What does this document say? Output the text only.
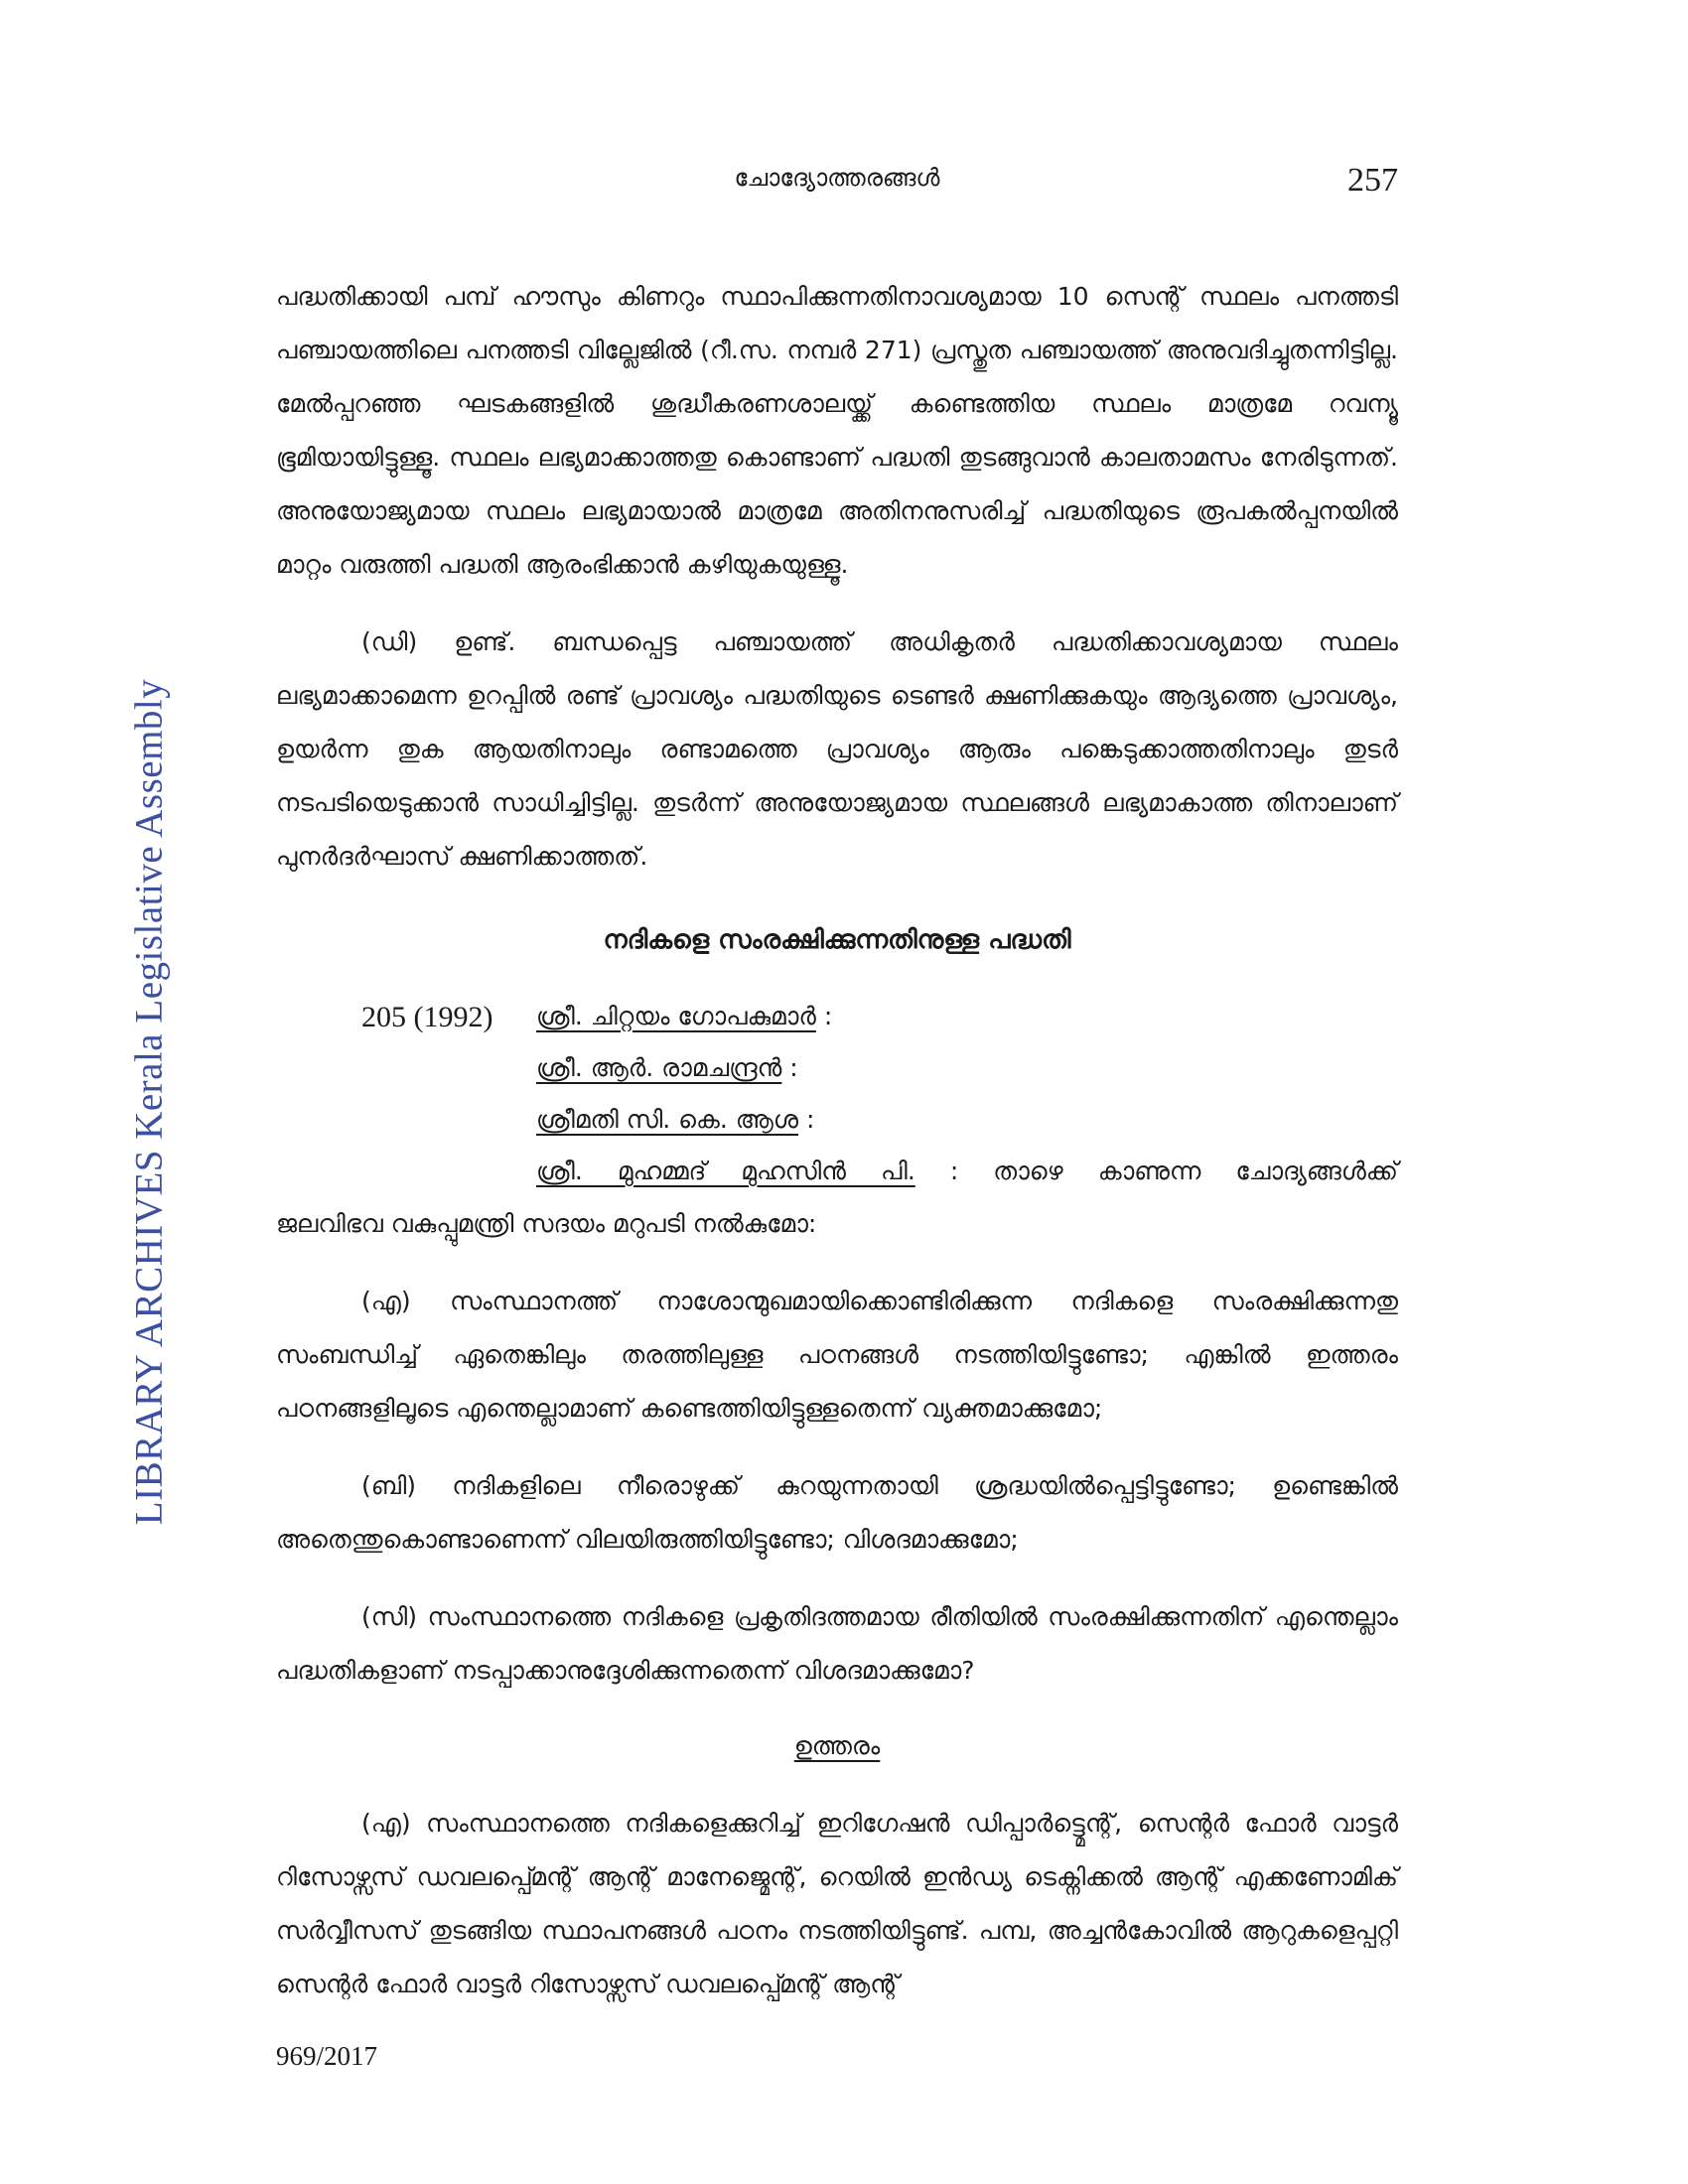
LIBRARY ARCHIVES Kerala Legislative Assembly
ചോദ്യോത്തരങ്ങൾ	257

പദ്ധതിക്കായി പമ്പ് ഹൗസും കിണറും സ്ഥാപിക്കുന്നതിനാവശ്യമായ 10 സെന്റ് സ്ഥലം പനത്തടി പഞ്ചായത്തിലെ പനത്തടി വില്ലേജിൽ (റീ.സ. നമ്പർ 271) പ്രസ്തുത പഞ്ചായത്ത് അനുവദിച്ചുതന്നിട്ടില്ല. മേൽപ്പറഞ്ഞ ഘടകങ്ങളിൽ ശുദ്ധീകരണശാലയ്ക്ക് കണ്ടെത്തിയ സ്ഥലം മാത്രമേ റവന്യൂ ഭൂമിയായിട്ടുള്ളൂ. സ്ഥലം ലഭ്യമാക്കാത്തതു കൊണ്ടാണ് പദ്ധതി തുടങ്ങുവാൻ കാലതാമസം നേരിടുന്നത്. അനുയോജ്യമായ സ്ഥലം ലഭ്യമായാൽ മാത്രമേ അതിനനുസരിച്ച് പദ്ധതിയുടെ രൂപകൽപ്പനയിൽ മാറ്റം വരുത്തി പദ്ധതി ആരംഭിക്കാൻ കഴിയുകയുള്ളൂ.

(ഡി) ഉണ്ട്. ബന്ധപ്പെട്ട പഞ്ചായത്ത് അധികൃതർ പദ്ധതിക്കാവശ്യമായ സ്ഥലം ലഭ്യമാക്കാമെന്ന ഉറപ്പിൽ രണ്ട് പ്രാവശ്യം പദ്ധതിയുടെ ടെണ്ടർ ക്ഷണിക്കുകയും ആദ്യത്തെ പ്രാവശ്യം, ഉയർന്ന തുക ആയതിനാലും രണ്ടാമത്തെ പ്രാവശ്യം ആരും പങ്കെടുക്കാത്തതിനാലും തുടർ നടപടിയെടുക്കാൻ സാധിച്ചിട്ടില്ല. തുടർന്ന് അനുയോജ്യമായ സ്ഥലങ്ങൾ ലഭ്യമാകാത്ത തിനാലാണ് പുനർദർഘാസ് ക്ഷണിക്കാത്തത്.

നദികളെ സംരക്ഷിക്കുന്നതിനുള്ള പദ്ധതി
205 (1992) ശ്രീ. ചിറ്റയം ഗോപകുമാർ :
ശ്രീ. ആർ. രാമചന്ദ്രൻ :
ശ്രീമതി സി. കെ. ആശ :
ശ്രീ. മുഹമ്മദ് മുഹസിൻ പി. : താഴെ കാണുന്ന ചോദ്യങ്ങൾക്ക്

ജലവിഭവ വകുപ്പുമന്ത്രി സദയം മറുപടി നൽകുമോ:

(എ) സംസ്ഥാനത്ത് നാശോന്മുഖമായിക്കൊണ്ടിരിക്കുന്ന നദികളെ സംരക്ഷിക്കുന്നതു സംബന്ധിച്ച് ഏതെങ്കിലും തരത്തിലുള്ള പഠനങ്ങൾ നടത്തിയിട്ടുണ്ടോ; എങ്കിൽ ഇത്തരം പഠനങ്ങളിലൂടെ എന്തെല്ലാമാണ് കണ്ടെത്തിയിട്ടുള്ളതെന്ന് വ്യക്തമാക്കുമോ;

(ബി) നദികളിലെ നീരൊഴുക്ക് കുറയുന്നതായി ശ്രദ്ധയിൽപ്പെട്ടിട്ടുണ്ടോ; ഉണ്ടെങ്കിൽ അതെന്തുകൊണ്ടാണെന്ന് വിലയിരുത്തിയിട്ടുണ്ടോ; വിശദമാക്കുമോ;

(സി) സംസ്ഥാനത്തെ നദികളെ പ്രകൃതിദത്തമായ രീതിയിൽ സംരക്ഷിക്കുന്നതിന് എന്തെല്ലാം പദ്ധതികളാണ് നടപ്പാക്കാനുദ്ദേശിക്കുന്നതെന്ന് വിശദമാക്കുമോ?

ഉത്തരം

(എ) സംസ്ഥാനത്തെ നദികളെക്കുറിച്ച് ഇറിഗേഷൻ ഡിപ്പാർട്ട്മെന്റ്, സെന്റർ ഫോർ വാട്ടർ റിസോഴ്സസ് ഡവലപ്പ്മെന്റ് ആന്റ് മാനേജ്മെന്റ്, റെയിൽ ഇൻഡ്യ ടെക്നിക്കൽ ആന്റ് എക്കണോമിക് സർവ്വീസസ് തുടങ്ങിയ സ്ഥാപനങ്ങൾ പഠനം നടത്തിയിട്ടുണ്ട്. പമ്പ, അച്ചൻകോവിൽ ആറുകളെപ്പറ്റി സെന്റർ ഫോർ വാട്ടർ റിസോഴ്സസ് ഡവലപ്പ്മെന്റ് ആന്റ്

969/2017
